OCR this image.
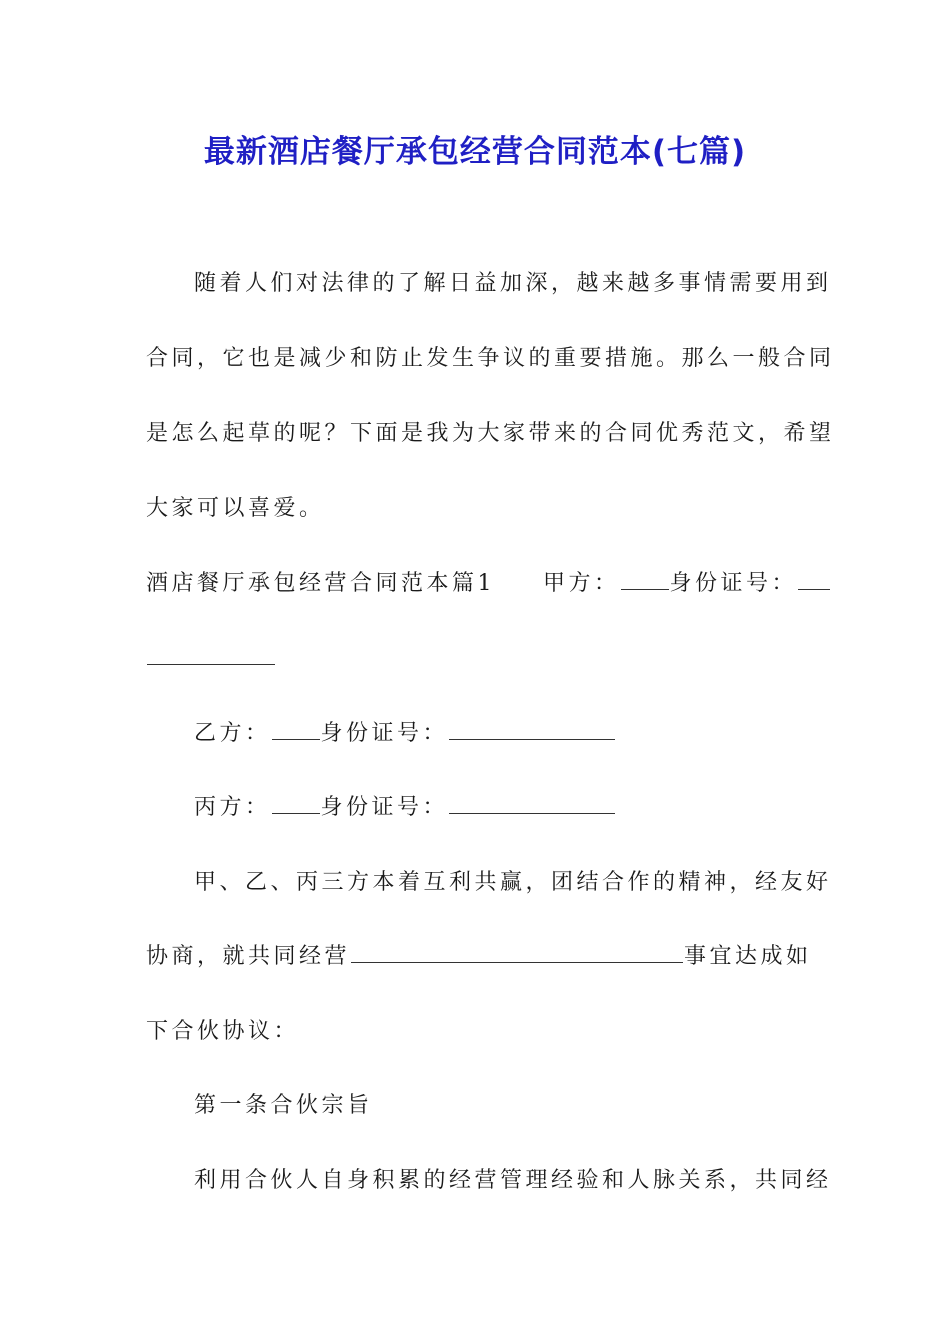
最新酒店餐厅承包经营合同范本(七篇)
随着人们对法律的了解日益加深，越来越多事情需要用到
合同，它也是减少和防止发生争议的重要措施。那么一般合同
是怎么起草的呢？下面是我为大家带来的合同优秀范文，希望
大家可以喜爱。
酒店餐厅承包经营合同范本篇1 甲方： 身份证号：
乙方： 身份证号：
丙方： 身份证号：
甲、乙、丙三方本着互利共赢，团结合作的精神，经友好
协商，就共同经营	事宜达成如
下合伙协议：
第一条合伙宗旨
利用合伙人自身积累的经营管理经验和人脉关系，共同经
